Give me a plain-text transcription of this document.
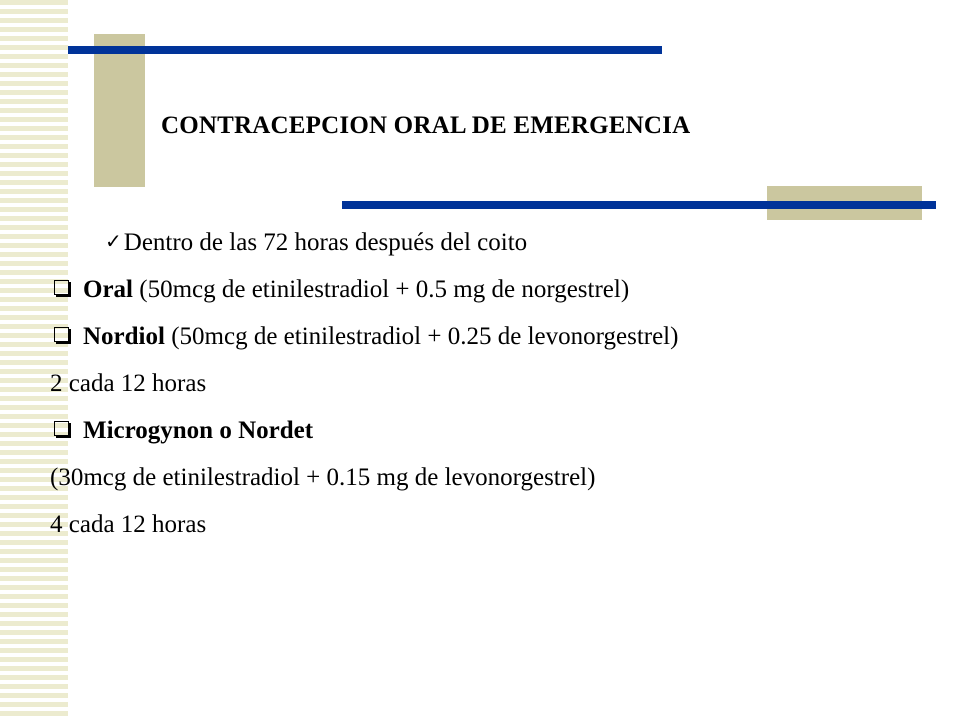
CONTRACEPCION ORAL DE EMERGENCIA
✓Dentro de las 72 horas después del coito
Oral (50mcg de etinilestradiol + 0.5 mg de norgestrel)
Nordiol (50mcg de etinilestradiol + 0.25 de levonorgestrel)
2 cada 12 horas
Microgynon o Nordet
(30mcg de etinilestradiol + 0.15 mg de levonorgestrel)
4 cada 12 horas
